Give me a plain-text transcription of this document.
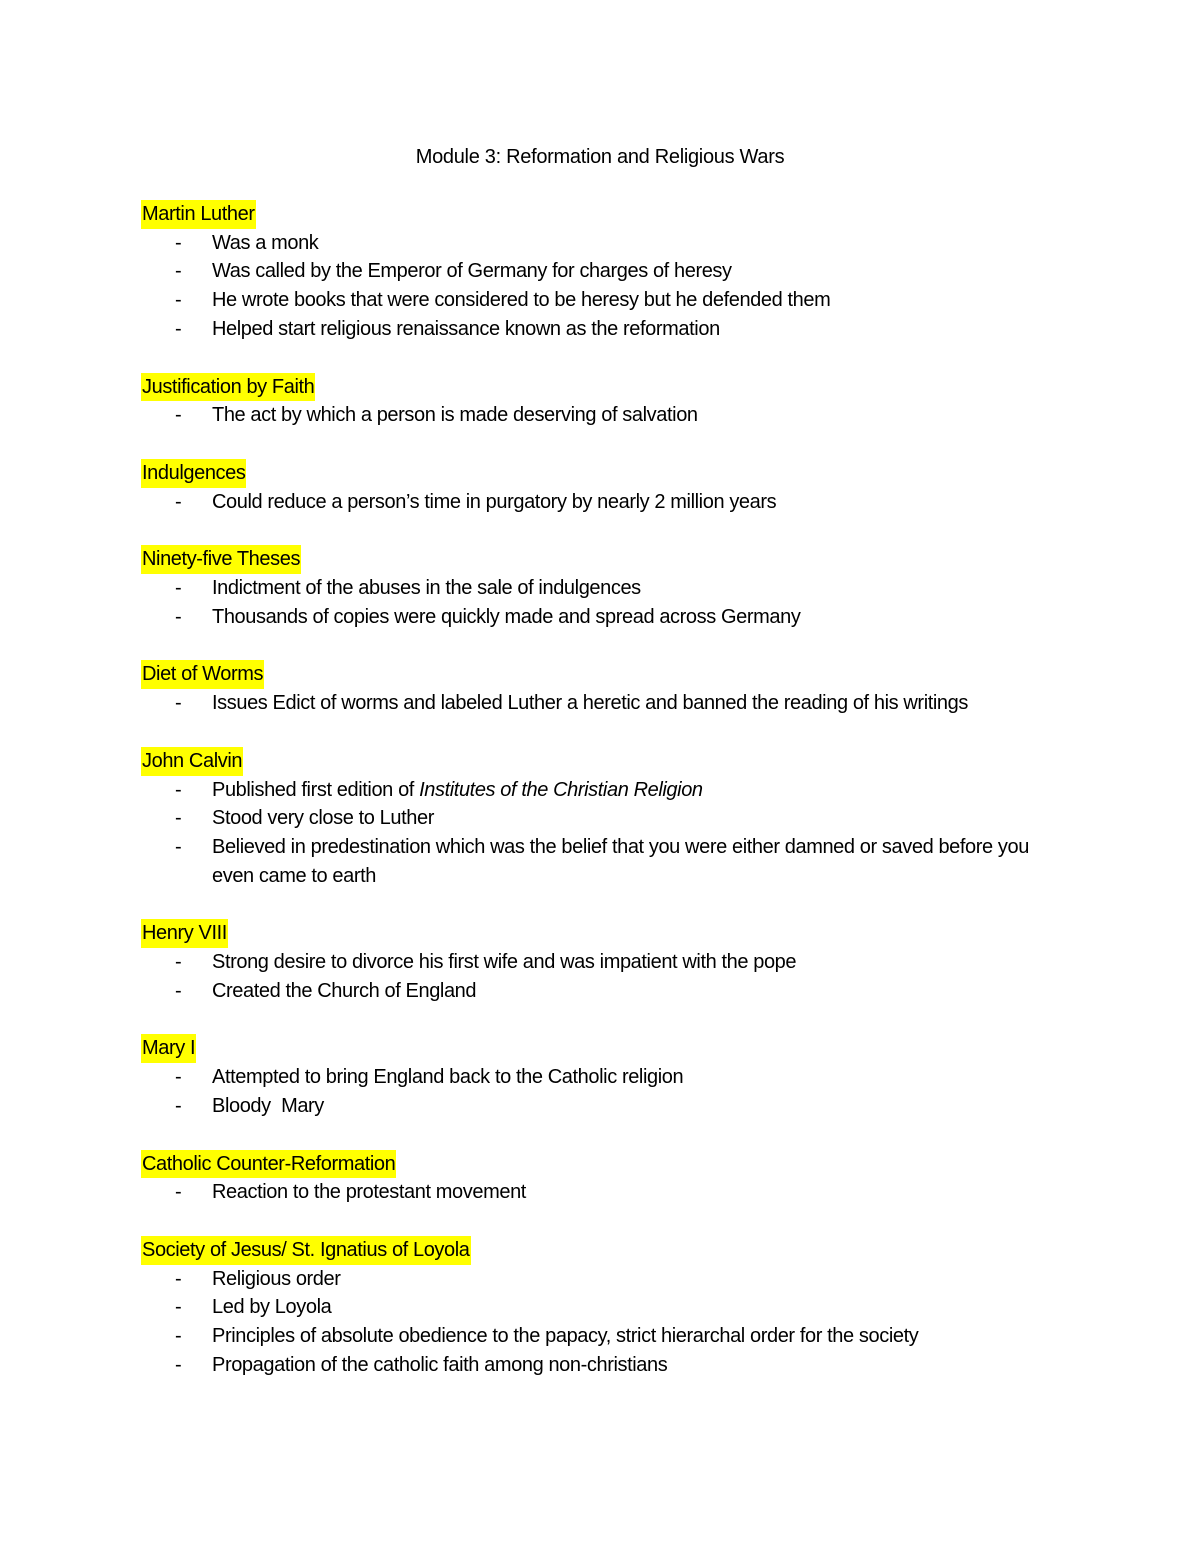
Module 3: Reformation and Religious Wars
Martin Luther
- Was a monk
- Was called by the Emperor of Germany for charges of heresy
- He wrote books that were considered to be heresy but he defended them
- Helped start religious renaissance known as the reformation
Justification by Faith
- The act by which a person is made deserving of salvation
Indulgences
- Could reduce a person’s time in purgatory by nearly 2 million years
Ninety-five Theses
- Indictment of the abuses in the sale of indulgences
- Thousands of copies were quickly made and spread across Germany
Diet of Worms
- Issues Edict of worms and labeled Luther a heretic and banned the reading of his writings
John Calvin
- Published first edition of Institutes of the Christian Religion
- Stood very close to Luther
- Believed in predestination which was the belief that you were either damned or saved before you even came to earth
Henry VIII
- Strong desire to divorce his first wife and was impatient with the pope
- Created the Church of England
Mary I
- Attempted to bring England back to the Catholic religion
- Bloody  Mary
Catholic Counter-Reformation
- Reaction to the protestant movement
Society of Jesus/ St. Ignatius of Loyola
- Religious order
- Led by Loyola
- Principles of absolute obedience to the papacy, strict hierarchal order for the society
- Propagation of the catholic faith among non-christians
